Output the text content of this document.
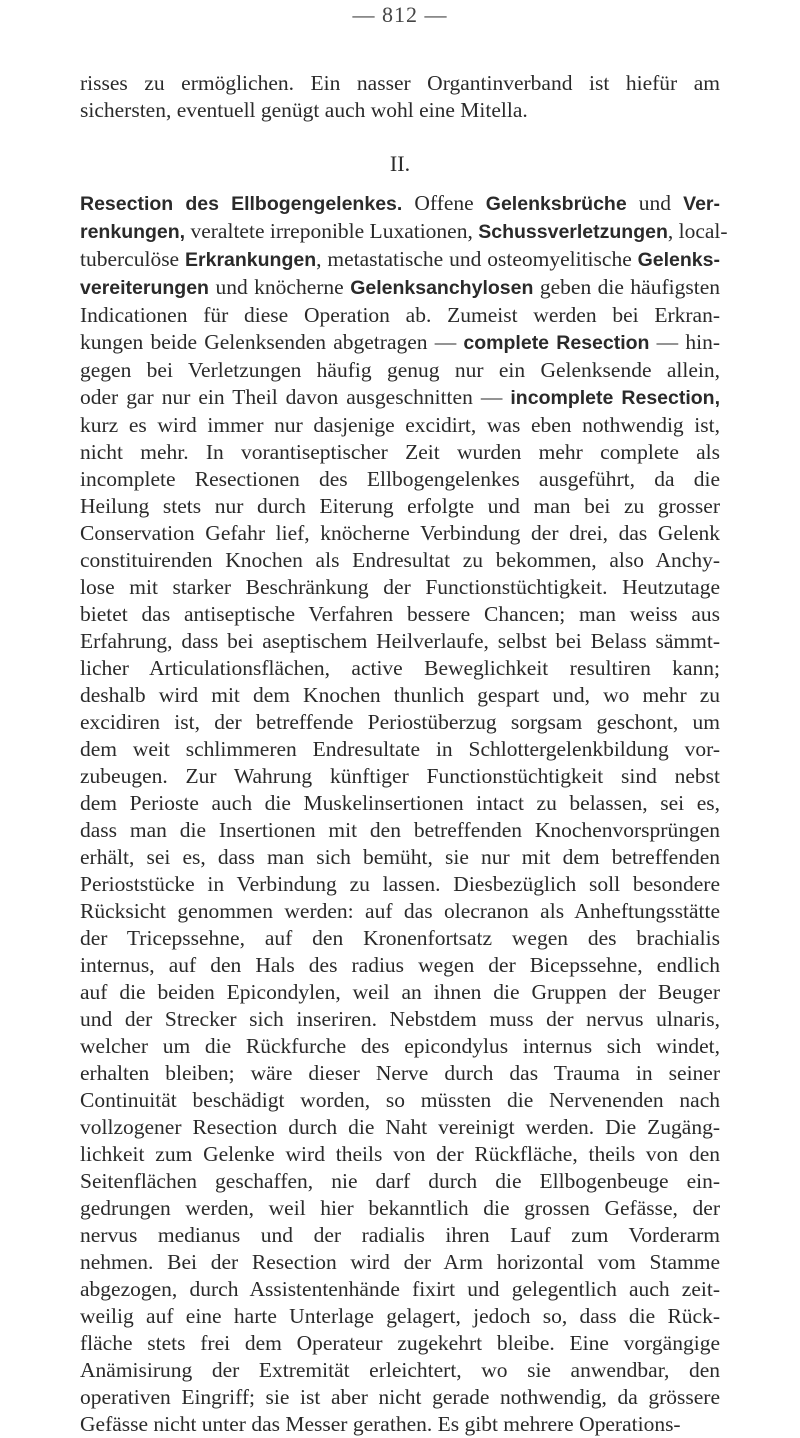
— 812 —
risses zu ermöglichen. Ein nasser Organtinverband ist hiefür am
sichersten, eventuell genügt auch wohl eine Mitella.
II.
Resection des Ellbogengelenkes. Offene Gelenksbrüche und Ver-
renkungen, veraltete irreponible Luxationen, Schussverletzungen, local-
tuberculöse Erkrankungen, metastatische und osteomyelitische Gelenks-
vereiterungen und knöcherne Gelenksanchylosen geben die häufigsten
Indicationen für diese Operation ab. Zumeist werden bei Erkran-
kungen beide Gelenksenden abgetragen — complete Resection — hin-
gegen bei Verletzungen häufig genug nur ein Gelenksende allein,
oder gar nur ein Theil davon ausgeschnitten — incomplete Resection,
kurz es wird immer nur dasjenige excidirt, was eben nothwendig ist,
nicht mehr. In vorantiseptischer Zeit wurden mehr complete als
incomplete Resectionen des Ellbogengelenkes ausgeführt, da die
Heilung stets nur durch Eiterung erfolgte und man bei zu grosser
Conservation Gefahr lief, knöcherne Verbindung der drei, das Gelenk
constituirenden Knochen als Endresultat zu bekommen, also Anchy-
lose mit starker Beschränkung der Functionstüchtigkeit. Heutzutage
bietet das antiseptische Verfahren bessere Chancen; man weiss aus
Erfahrung, dass bei aseptischem Heilverlaufe, selbst bei Belass sämmt-
licher Articulationsflächen, active Beweglichkeit resultiren kann;
deshalb wird mit dem Knochen thunlich gespart und, wo mehr zu
excidiren ist, der betreffende Periostüberzug sorgsam geschont, um
dem weit schlimmeren Endresultate in Schlottergelenkbildung vor-
zubeugen. Zur Wahrung künftiger Functionstüchtigkeit sind nebst
dem Perioste auch die Muskelinsertionen intact zu belassen, sei es,
dass man die Insertionen mit den betreffenden Knochenvorsprüngen
erhält, sei es, dass man sich bemüht, sie nur mit dem betreffenden
Perioststücke in Verbindung zu lassen. Diesbezüglich soll besondere
Rücksicht genommen werden: auf das olecranon als Anheftungsstätte
der Tricepssehne, auf den Kronenfortsatz wegen des brachialis
internus, auf den Hals des radius wegen der Bicepssehne, endlich
auf die beiden Epicondylen, weil an ihnen die Gruppen der Beuger
und der Strecker sich inseriren. Nebstdem muss der nervus ulnaris,
welcher um die Rückfurche des epicondylus internus sich windet,
erhalten bleiben; wäre dieser Nerve durch das Trauma in seiner
Continuität beschädigt worden, so müssten die Nervenenden nach
vollzogener Resection durch die Naht vereinigt werden. Die Zugäng-
lichkeit zum Gelenke wird theils von der Rückfläche, theils von den
Seitenflächen geschaffen, nie darf durch die Ellbogenbeuge ein-
gedrungen werden, weil hier bekanntlich die grossen Gefässe, der
nervus medianus und der radialis ihren Lauf zum Vorderarm
nehmen. Bei der Resection wird der Arm horizontal vom Stamme
abgezogen, durch Assistentenhände fixirt und gelegentlich auch zeit-
weilig auf eine harte Unterlage gelagert, jedoch so, dass die Rück-
fläche stets frei dem Operateur zugekehrt bleibe. Eine vorgängige
Anämisirung der Extremität erleichtert, wo sie anwendbar, den
operativen Eingriff; sie ist aber nicht gerade nothwendig, da grössere
Gefässe nicht unter das Messer gerathen. Es gibt mehrere Operations-
